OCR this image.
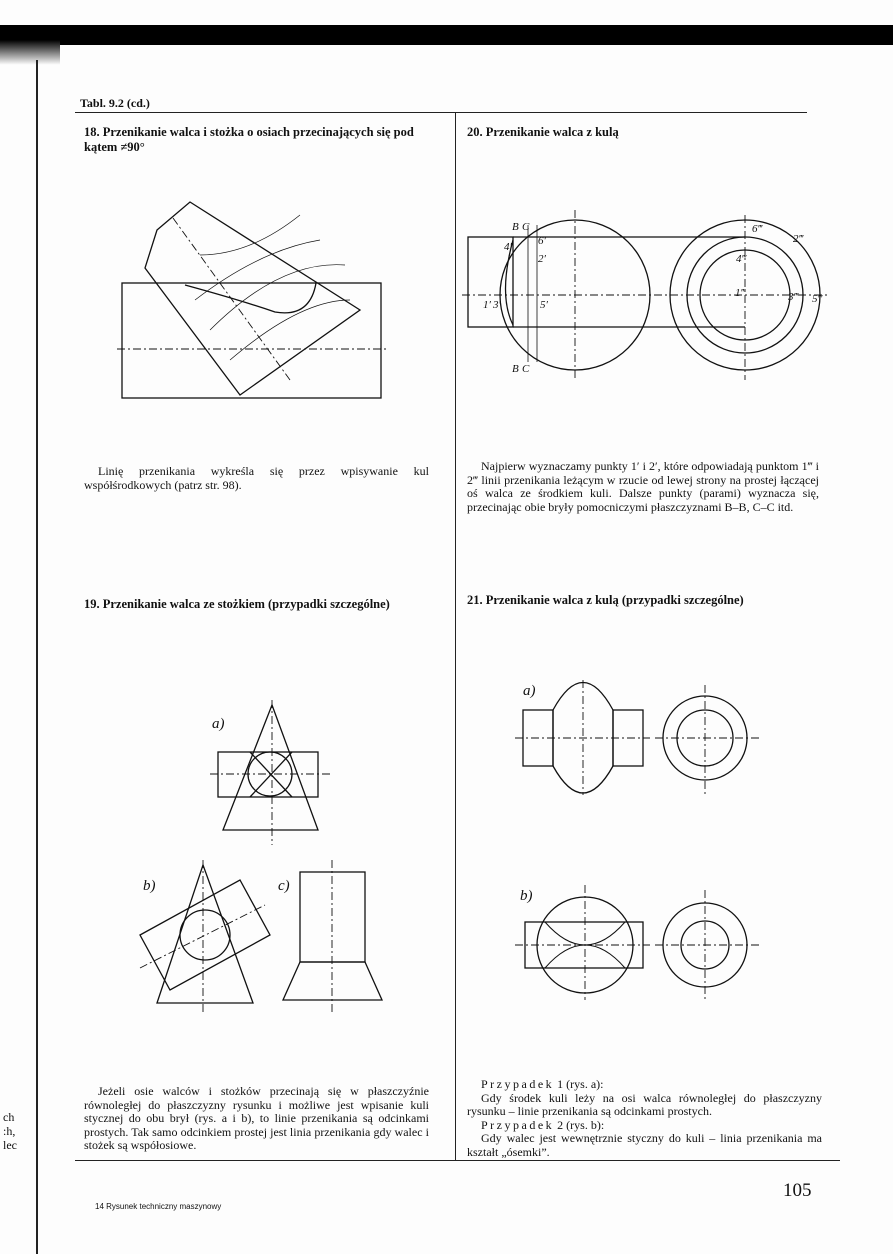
Tabl. 9.2 (cd.)
18. Przenikanie walca i stożka o osiach przecinających się pod kątem ≠90°
Linię przenikania wykreśla się przez wpisywanie kul współśrodkowych (patrz str. 98).
20. Przenikanie walca z kulą
B C
4′ 6′
2′
1′ 3′	5′
B C
6‴
2‴
4‴
1‴	3‴ 5‴
Najpierw wyznaczamy punkty 1′ i 2′, które odpowiadają punktom 1‴ i 2‴ linii przenikania leżącym w rzucie od lewej strony na prostej łączącej oś walca ze środkiem kuli. Dalsze punkty (parami) wyznacza się, przecinając obie bryły pomocniczymi płaszczyznami B–B, C–C itd.
19. Przenikanie walca ze stożkiem (przypadki szczególne)
a)
b)	c)
Jeżeli osie walców i stożków przecinają się w płaszczyźnie równoległej do płaszczyzny rysunku i możliwe jest wpisanie kuli stycznej do obu brył (rys. a i b), to linie przenikania są odcinkami prostych. Tak samo odcinkiem prostej jest linia przenikania gdy walec i stożek są współosiowe.
21. Przenikanie walca z kulą (przypadki szczególne)
a)
b)
Przypadek 1 (rys. a):
Gdy środek kuli leży na osi walca równoległej do płaszczyzny rysunku – linie przenikania są odcinkami prostych.
Przypadek 2 (rys. b):
Gdy walec jest wewnętrznie styczny do kuli – linia przenikania ma kształt „ósemki”.
105
14 Rysunek techniczny maszynowy
ch
:h,
lec
